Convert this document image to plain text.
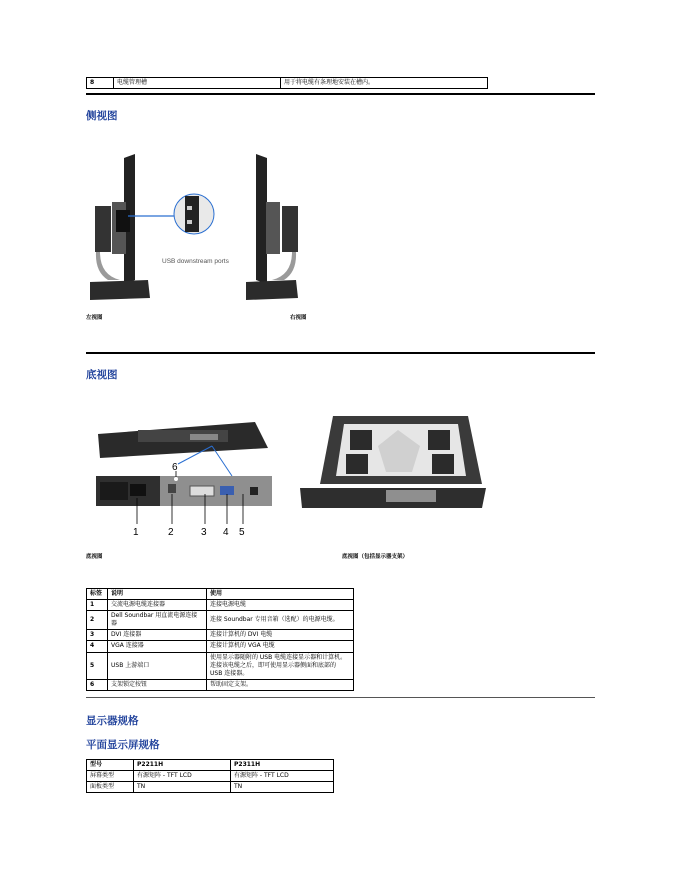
8	电缆管理槽	用于将电缆有条理地安装在槽内。
侧视图
USB downstream ports
左视图	右视图
底视图
6
1	2	3 4 5
底视图	底视图（包括显示器支架）
标签	说明	使用
1	交流电源电缆连接器	连接电源电缆
2	Dell Soundbar 用直流电源连接器	连接 Soundbar 专用音箱（选配）的电源电缆。
3	DVI 连接器	连接计算机的 DVI 电缆
4	VGA 连接器	连接计算机的 VGA 电缆
5	USB 上游端口	使用显示器随附的 USB 电缆连接显示器和计算机。连接该电缆之后，即可使用显示器侧面和底部的 USB 连接器。
6	支架锁定按钮	帮助固定支架。
显示器规格
平面显示屏规格
型号	P2211H	P2311H
屏幕类型	有源矩阵 - TFT LCD	有源矩阵 - TFT LCD
面板类型	TN	TN
